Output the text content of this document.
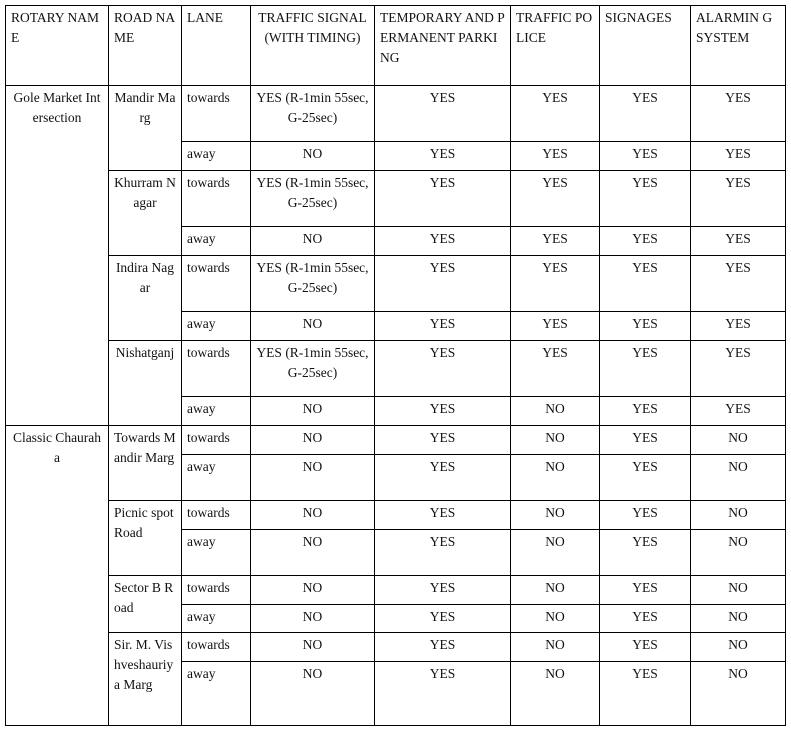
ROTARY NAME	ROAD NAME	LANE	TRAFFIC SIGNAL (WITH TIMING)	TEMPORARY AND PERMANENT PARKING	TRAFFIC POLICE	SIGNAGES	ALARMIN G SYSTEM
Gole Market Intersection	Mandir Marg	towards	YES (R-1min 55sec, G-25sec)	YES	YES	YES	YES
		away	NO	YES	YES	YES	YES
	Khurram Nagar	towards	YES (R-1min 55sec, G-25sec)	YES	YES	YES	YES
		away	NO	YES	YES	YES	YES
	Indira Nagar	towards	YES (R-1min 55sec, G-25sec)	YES	YES	YES	YES
		away	NO	YES	YES	YES	YES
	Nishatganj	towards	YES (R-1min 55sec, G-25sec)	YES	YES	YES	YES
		away	NO	YES	NO	YES	YES
Classic Chauraha	Towards Mandir Marg	towards	NO	YES	NO	YES	NO
		away	NO	YES	NO	YES	NO
	Picnic spot Road	towards	NO	YES	NO	YES	NO
		away	NO	YES	NO	YES	NO
	Sector B Road	towards	NO	YES	NO	YES	NO
		away	NO	YES	NO	YES	NO
	Sir. M. Vishveshauriya Marg	towards	NO	YES	NO	YES	NO
		away	NO	YES	NO	YES	NO
